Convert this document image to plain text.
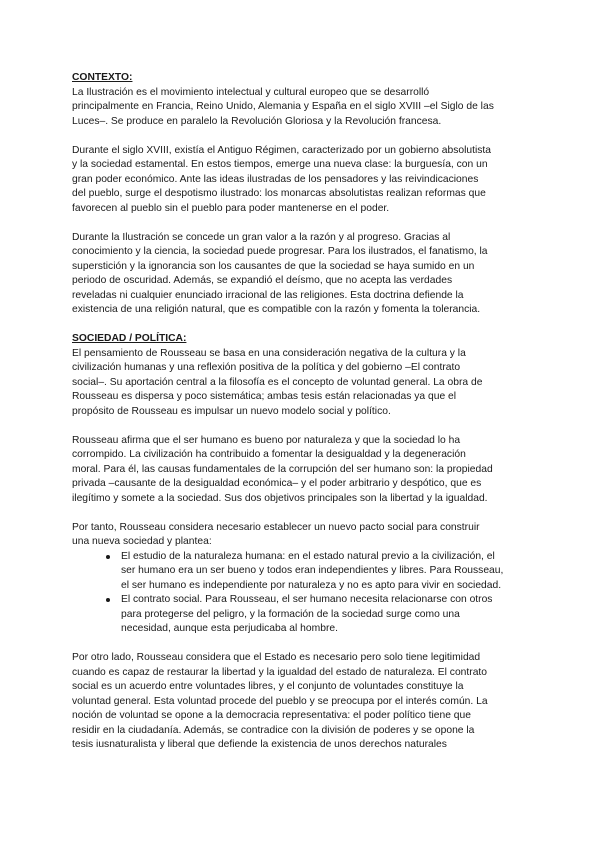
CONTEXTO:
La Ilustración es el movimiento intelectual y cultural europeo que se desarrolló
principalmente en Francia, Reino Unido, Alemania y España en el siglo XVIII –el Siglo de las
Luces–. Se produce en paralelo la Revolución Gloriosa y la Revolución francesa.
Durante el siglo XVIII, existía el Antiguo Régimen, caracterizado por un gobierno absolutista
y la sociedad estamental. En estos tiempos, emerge una nueva clase: la burguesía, con un
gran poder económico. Ante las ideas ilustradas de los pensadores y las reivindicaciones
del pueblo, surge el despotismo ilustrado: los monarcas absolutistas realizan reformas que
favorecen al pueblo sin el pueblo para poder mantenerse en el poder.
Durante la Ilustración se concede un gran valor a la razón y al progreso. Gracias al
conocimiento y la ciencia, la sociedad puede progresar. Para los ilustrados, el fanatismo, la
superstición y la ignorancia son los causantes de que la sociedad se haya sumido en un
periodo de oscuridad. Además, se expandió el deísmo, que no acepta las verdades
reveladas ni cualquier enunciado irracional de las religiones. Esta doctrina defiende la
existencia de una religión natural, que es compatible con la razón y fomenta la tolerancia.
SOCIEDAD / POLÍTICA:
El pensamiento de Rousseau se basa en una consideración negativa de la cultura y la
civilización humanas y una reflexión positiva de la política y del gobierno –El contrato
social–. Su aportación central a la filosofía es el concepto de voluntad general. La obra de
Rousseau es dispersa y poco sistemática; ambas tesis están relacionadas ya que el
propósito de Rousseau es impulsar un nuevo modelo social y político.
Rousseau afirma que el ser humano es bueno por naturaleza y que la sociedad lo ha
corrompido. La civilización ha contribuido a fomentar la desigualdad y la degeneración
moral. Para él, las causas fundamentales de la corrupción del ser humano son: la propiedad
privada –causante de la desigualdad económica– y el poder arbitrario y despótico, que es
ilegítimo y somete a la sociedad. Sus dos objetivos principales son la libertad y la igualdad.
Por tanto, Rousseau considera necesario establecer un nuevo pacto social para construir
una nueva sociedad y plantea:
El estudio de la naturaleza humana: en el estado natural previo a la civilización, el
ser humano era un ser bueno y todos eran independientes y libres. Para Rousseau,
el ser humano es independiente por naturaleza y no es apto para vivir en sociedad.
El contrato social. Para Rousseau, el ser humano necesita relacionarse con otros
para protegerse del peligro, y la formación de la sociedad surge como una
necesidad, aunque esta perjudicaba al hombre.
Por otro lado, Rousseau considera que el Estado es necesario pero solo tiene legitimidad
cuando es capaz de restaurar la libertad y la igualdad del estado de naturaleza. El contrato
social es un acuerdo entre voluntades libres, y el conjunto de voluntades constituye la
voluntad general. Esta voluntad procede del pueblo y se preocupa por el interés común. La
noción de voluntad se opone a la democracia representativa: el poder político tiene que
residir en la ciudadanía. Además, se contradice con la división de poderes y se opone la
tesis iusnaturalista y liberal que defiende la existencia de unos derechos naturales
